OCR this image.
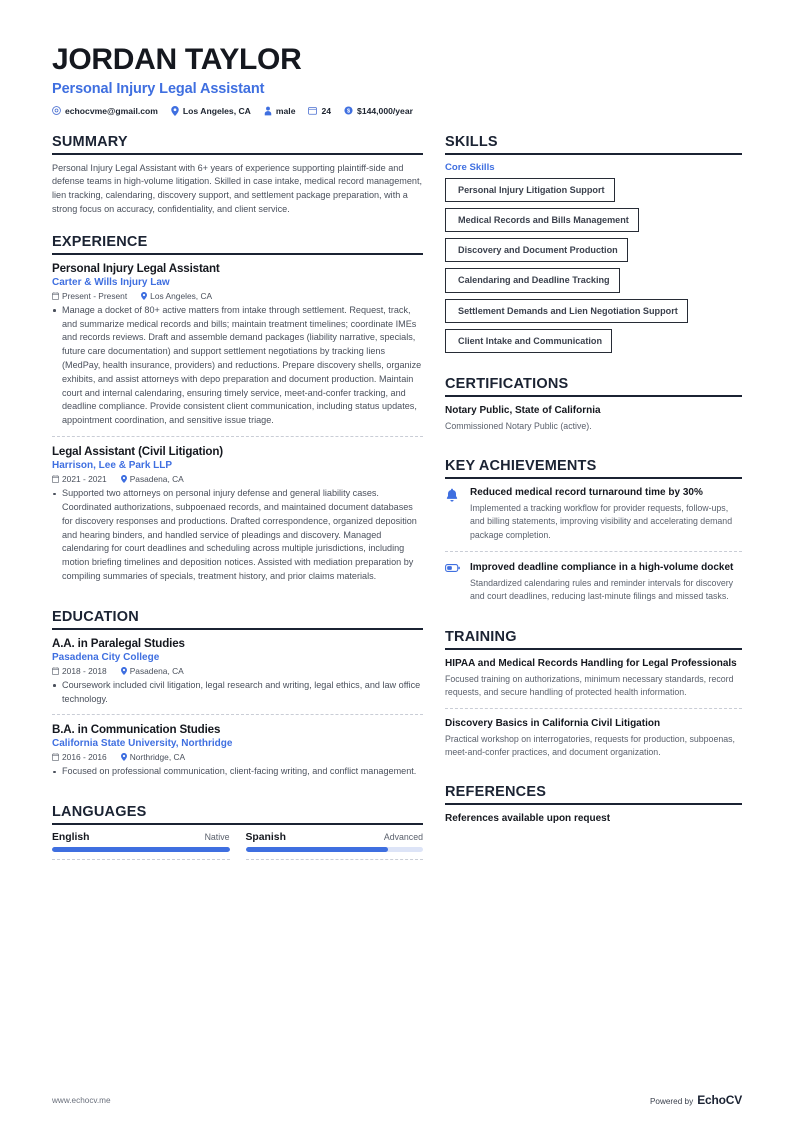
JORDAN TAYLOR
Personal Injury Legal Assistant
echocvme@gmail.com	Los Angeles, CA	male	24 $ $144,000/year
SUMMARY
Personal Injury Legal Assistant with 6+ years of experience supporting plaintiff-side and defense teams in high-volume litigation. Skilled in case intake, medical record management, lien tracking, calendaring, discovery support, and settlement package preparation, with a strong focus on accuracy, confidentiality, and client service.
EXPERIENCE
Personal Injury Legal Assistant
Carter & Wills Injury Law
Present - Present	Los Angeles, CA
Manage a docket of 80+ active matters from intake through settlement. Request, track, and summarize medical records and bills; maintain treatment timelines; coordinate IMEs and records reviews. Draft and assemble demand packages (liability narrative, specials, future care documentation) and support settlement negotiations by tracking liens (MedPay, health insurance, providers) and reductions. Prepare discovery shells, organize exhibits, and assist attorneys with depo preparation and document production. Maintain court and internal calendaring, ensuring timely service, meet-and-confer tracking, and deadline compliance. Provide consistent client communication, including status updates, appointment coordination, and sensitive issue triage.
Legal Assistant (Civil Litigation)
Harrison, Lee & Park LLP
2021 - 2021	Pasadena, CA
Supported two attorneys on personal injury defense and general liability cases. Coordinated authorizations, subpoenaed records, and maintained document databases for discovery responses and productions. Drafted correspondence, organized deposition and hearing binders, and handled service of pleadings and discovery. Managed calendaring for court deadlines and scheduling across multiple jurisdictions, including motion briefing timelines and deposition notices. Assisted with mediation preparation by compiling summaries of specials, treatment history, and prior claims materials.
EDUCATION
A.A. in Paralegal Studies
Pasadena City College
2018 - 2018	Pasadena, CA
Coursework included civil litigation, legal research and writing, legal ethics, and law office technology.
B.A. in Communication Studies
California State University, Northridge
2016 - 2016	Northridge, CA
Focused on professional communication, client-facing writing, and conflict management.
LANGUAGES
English	Native Spanish	Advanced
SKILLS
Core Skills
Personal Injury Litigation Support
Medical Records and Bills Management
Discovery and Document Production
Calendaring and Deadline Tracking
Settlement Demands and Lien Negotiation Support
Client Intake and Communication
CERTIFICATIONS
Notary Public, State of California
Commissioned Notary Public (active).
KEY ACHIEVEMENTS
Reduced medical record turnaround time by 30%
Implemented a tracking workflow for provider requests, follow-ups, and billing statements, improving visibility and accelerating demand package completion.
Improved deadline compliance in a high-volume docket
Standardized calendaring rules and reminder intervals for discovery and court deadlines, reducing last-minute filings and missed tasks.
TRAINING
HIPAA and Medical Records Handling for Legal Professionals
Focused training on authorizations, minimum necessary standards, record requests, and secure handling of protected health information.
Discovery Basics in California Civil Litigation
Practical workshop on interrogatories, requests for production, subpoenas, meet-and-confer practices, and document organization.
REFERENCES
References available upon request
www.echocv.me	Powered by EchoCV
